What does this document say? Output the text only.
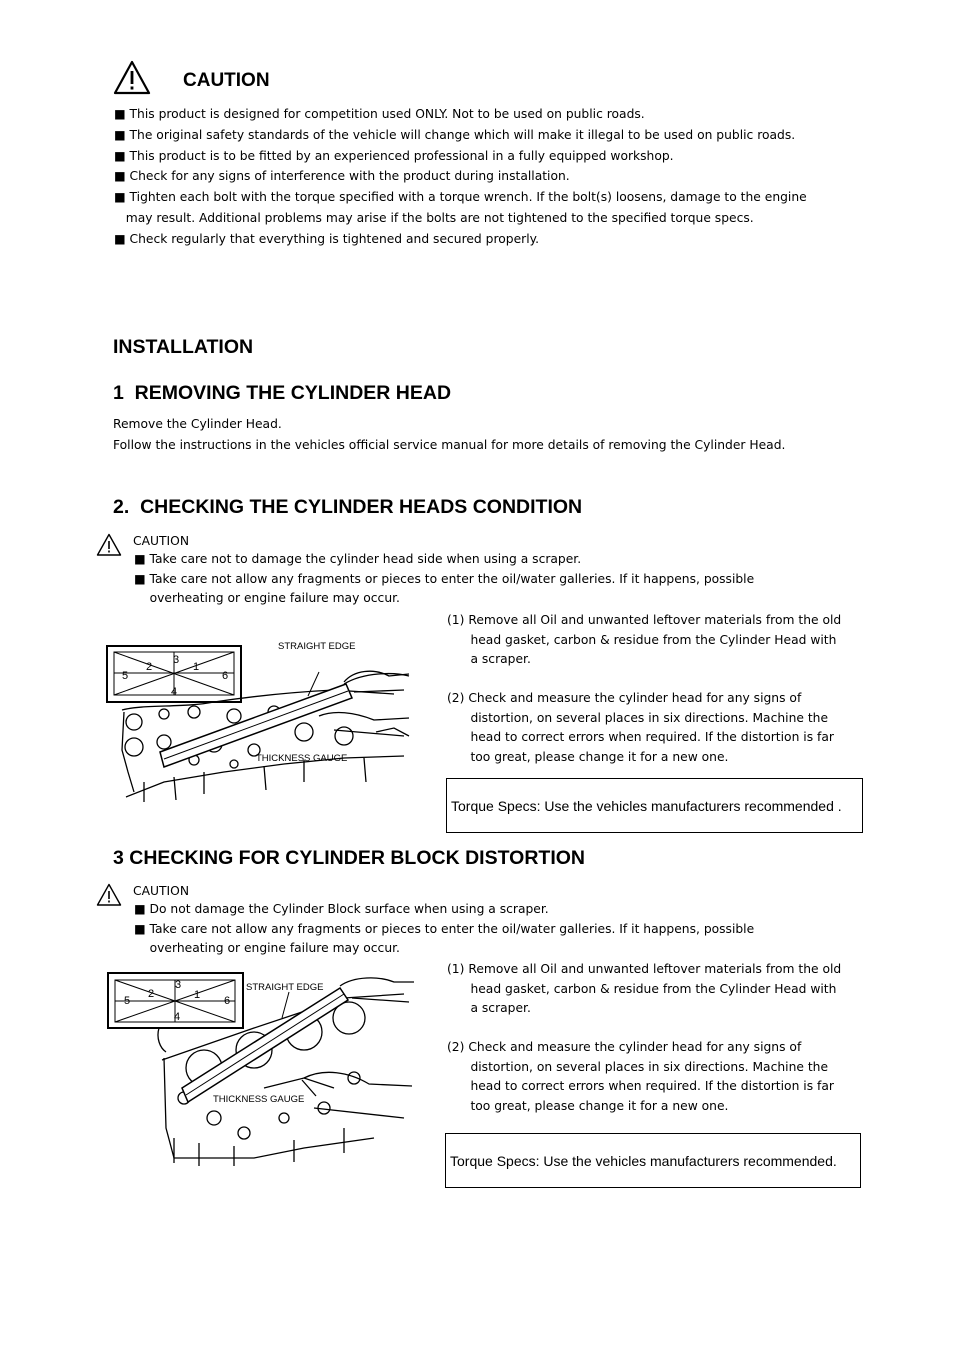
CAUTION
■ This product is designed for competition used ONLY. Not to be used on public roads.
■ The original safety standards of the vehicle will change which will make it illegal to be used on public roads.
■ This product is to be fitted by an experienced professional in a fully equipped workshop.
■ Check for any signs of interference with the product during installation.
■ Tighten each bolt with the torque specified with a torque wrench. If the bolt(s) loosens, damage to the engine
may result. Additional problems may arise if the bolts are not tightened to the specified torque specs.
■ Check regularly that everything is tightened and secured properly.
INSTALLATION
1  REMOVING THE CYLINDER HEAD
Remove the Cylinder Head.
Follow the instructions in the vehicles official service manual for more details of removing the Cylinder Head.
2.  CHECKING THE CYLINDER HEADS CONDITION
CAUTION
■ Take care not to damage the cylinder head side when using a scraper.
■ Take care not allow any fragments or pieces to enter the oil/water galleries. If it happens, possible
overheating or engine failure may occur.
1
2
3
4
5	6
STRAIGHT EDGE
THICKNESS GAUGE
(1) Remove all Oil and unwanted leftover materials from the old
head gasket, carbon & residue from the Cylinder Head with
a scraper.
(2) Check and measure the cylinder head for any signs of
distortion, on several places in six directions. Machine the
head to correct errors when required. If the distortion is far
too great, please change it for a new one.
Torque Specs: Use the vehicles manufacturers recommended .
3 CHECKING FOR CYLINDER BLOCK DISTORTION
CAUTION
■ Do not damage the Cylinder Block surface when using a scraper.
■ Take care not allow any fragments or pieces to enter the oil/water galleries. If it happens, possible
overheating or engine failure may occur.
1
2
3
4
5	6
STRAIGHT EDGE
THICKNESS GAUGE
(1) Remove all Oil and unwanted leftover materials from the old
head gasket, carbon & residue from the Cylinder Head with
a scraper.
(2) Check and measure the cylinder head for any signs of
distortion, on several places in six directions. Machine the
head to correct errors when required. If the distortion is far
too great, please change it for a new one.
Torque Specs: Use the vehicles manufacturers recommended.
